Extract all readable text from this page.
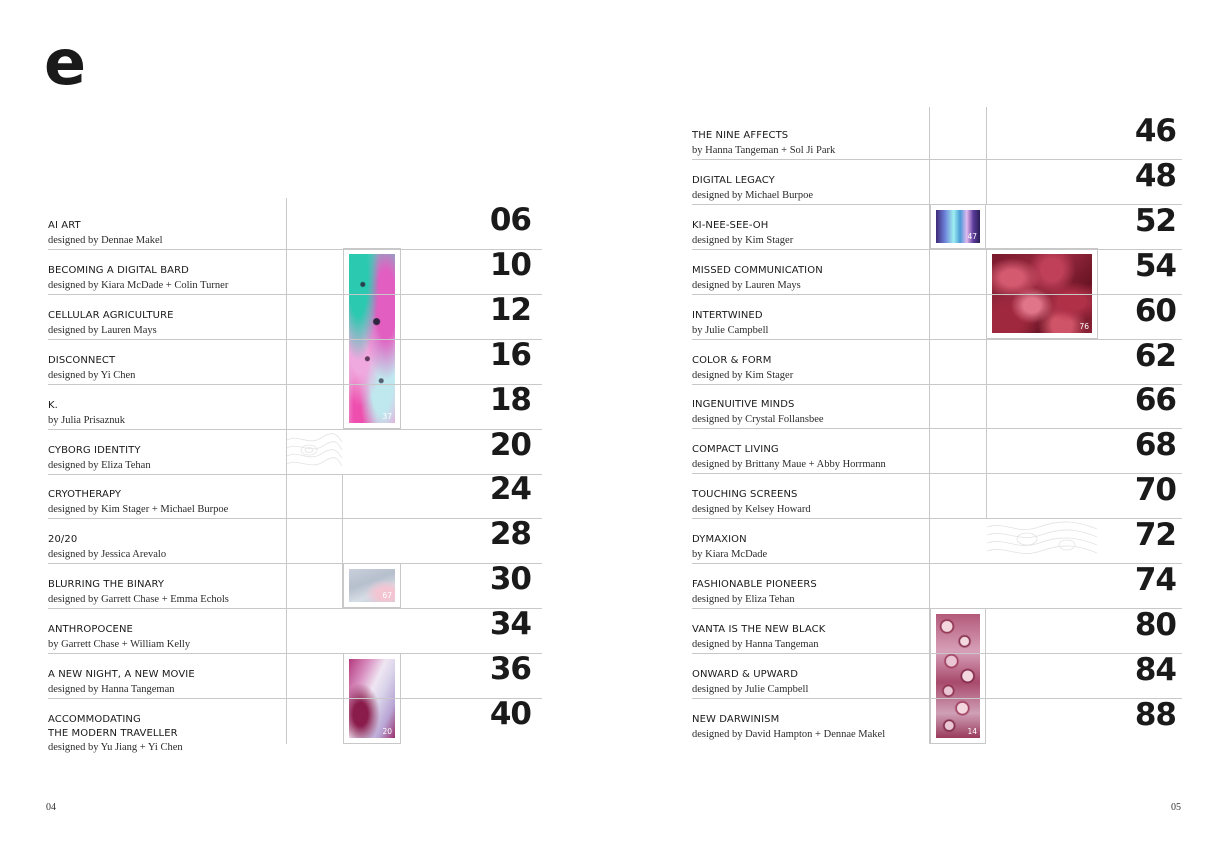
e
37
67
20
AI ART
designed by Dennae Makel
06
BECOMING A DIGITAL BARD
designed by Kiara McDade + Colin Turner
10
CELLULAR AGRICULTURE
designed by Lauren Mays
12
DISCONNECT
designed by Yi Chen
16
K.
by Julia Prisaznuk
18
CYBORG IDENTITY
designed by Eliza Tehan
20
CRYOTHERAPY
designed by Kim Stager + Michael Burpoe
24
20/20
designed by Jessica Arevalo
28
BLURRING THE BINARY
designed by Garrett Chase + Emma Echols
30
ANTHROPOCENE
by Garrett Chase + William Kelly
34
A NEW NIGHT, A NEW MOVIE
designed by Hanna Tangeman
36
ACCOMMODATING
THE MODERN TRAVELLER
designed by Yu Jiang + Yi Chen
40
47
76
14
THE NINE AFFECTS
by Hanna Tangeman + Sol Ji Park
46
DIGITAL LEGACY
designed by Michael Burpoe
48
KI-NEE-SEE-OH
designed by Kim Stager
52
MISSED COMMUNICATION
designed by Lauren Mays
54
INTERTWINED
by Julie Campbell
60
COLOR & FORM
designed by Kim Stager
62
INGENUITIVE MINDS
designed by Crystal Follansbee
66
COMPACT LIVING
designed by Brittany Maue + Abby Horrmann
68
TOUCHING SCREENS
designed by Kelsey Howard
70
DYMAXION
by Kiara McDade
72
FASHIONABLE PIONEERS
designed by Eliza Tehan
74
VANTA IS THE NEW BLACK
designed by Hanna Tangeman
80
ONWARD & UPWARD
designed by Julie Campbell
84
NEW DARWINISM
designed by David Hampton + Dennae Makel
88
04	05
